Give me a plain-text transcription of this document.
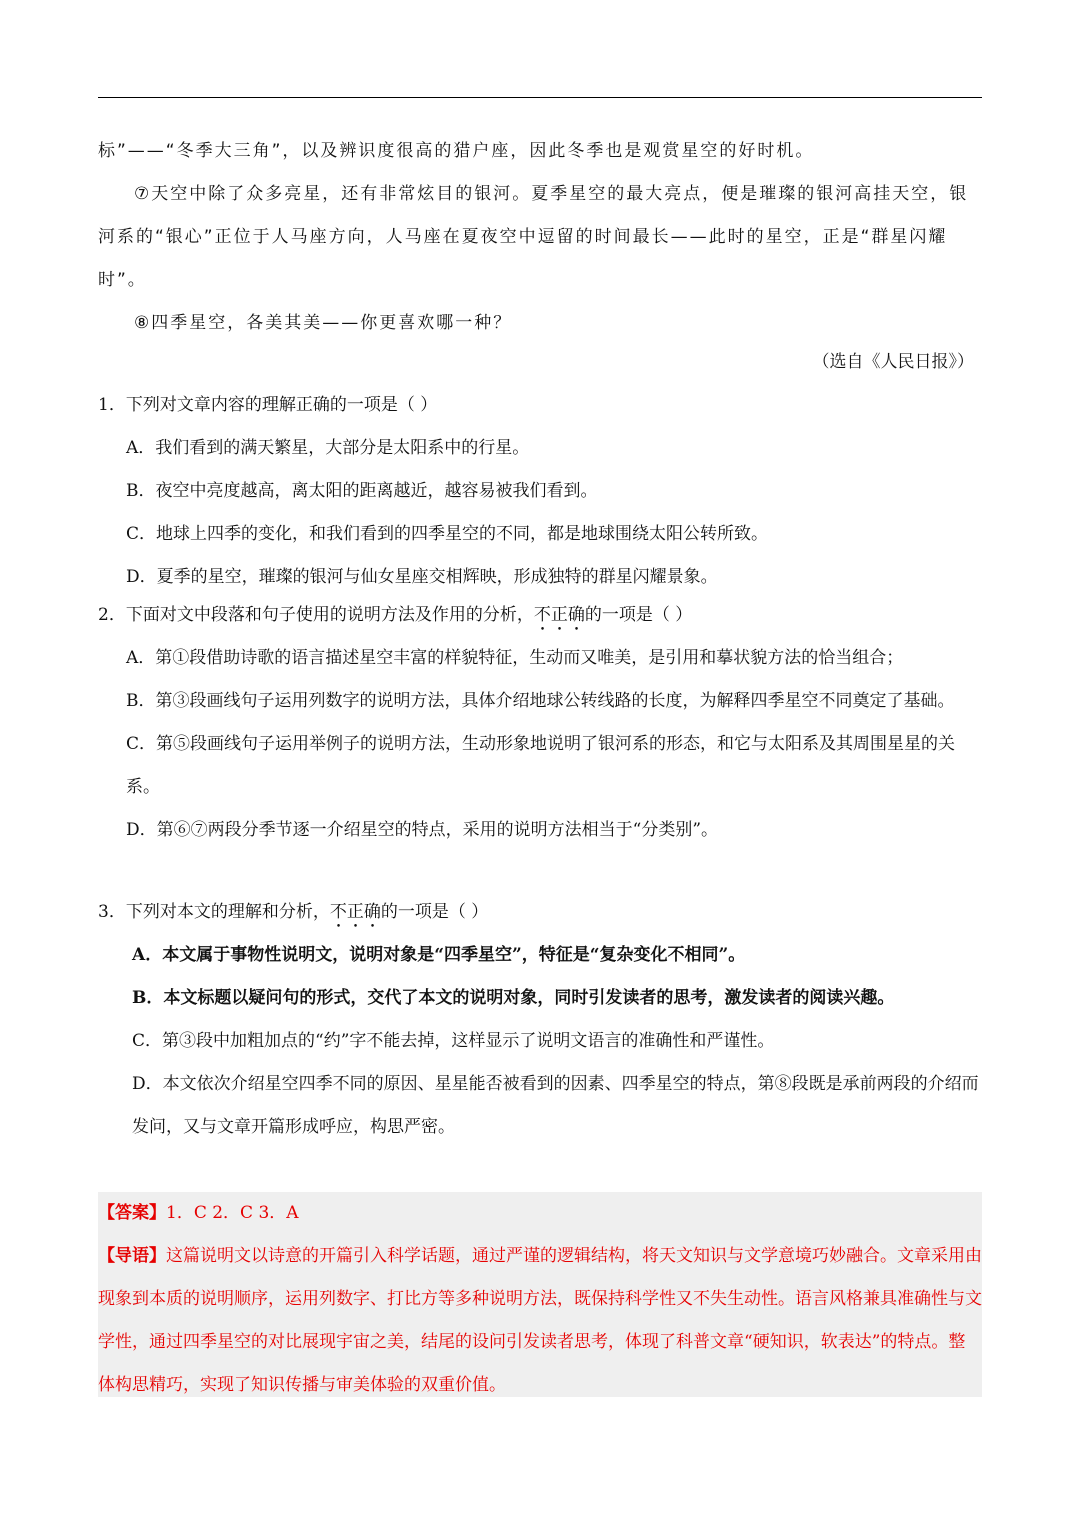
标”——“冬季大三角”，以及辨识度很高的猎户座，因此冬季也是观赏星空的好时机。

⑦天空中除了众多亮星，还有非常炫目的银河。夏季星空的最大亮点，便是璀璨的银河高挂天空，银河系的“银心”正位于人马座方向，人马座在夏夜空中逗留的时间最长——此时的星空，正是“群星闪耀时”。

⑧四季星空，各美其美——你更喜欢哪一种？

（选自《人民日报》）

1．下列对文章内容的理解正确的一项是（ ）

A．我们看到的满天繁星，大部分是太阳系中的行星。

B．夜空中亮度越高，离太阳的距离越近，越容易被我们看到。

C．地球上四季的变化，和我们看到的四季星空的不同，都是地球围绕太阳公转所致。

D．夏季的星空，璀璨的银河与仙女星座交相辉映，形成独特的群星闪耀景象。

2．下面对文中段落和句子使用的说明方法及作用的分析，不正确的一项是（ ）

A．第①段借助诗歌的语言描述星空丰富的样貌特征，生动而又唯美，是引用和摹状貌方法的恰当组合；

B．第③段画线句子运用列数字的说明方法，具体介绍地球公转线路的长度，为解释四季星空不同奠定了基础。

C．第⑤段画线句子运用举例子的说明方法，生动形象地说明了银河系的形态，和它与太阳系及其周围星星的关系。

D．第⑥⑦两段分季节逐一介绍星空的特点，采用的说明方法相当于“分类别”。

3．下列对本文的理解和分析，不正确的一项是（ ）

A．本文属于事物性说明文，说明对象是“四季星空”，特征是“复杂变化不相同”。

B．本文标题以疑问句的形式，交代了本文的说明对象，同时引发读者的思考，激发读者的阅读兴趣。

C．第③段中加粗加点的“约”字不能去掉，这样显示了说明文语言的准确性和严谨性。

D．本文依次介绍星空四季不同的原因、星星能否被看到的因素、四季星空的特点，第⑧段既是承前两段的介绍而发问，又与文章开篇形成呼应，构思严密。

【答案】1．C 2．C 3．A

【导语】这篇说明文以诗意的开篇引入科学话题，通过严谨的逻辑结构，将天文知识与文学意境巧妙融合。文章采用由现象到本质的说明顺序，运用列数字、打比方等多种说明方法，既保持科学性又不失生动性。语言风格兼具准确性与文学性，通过四季星空的对比展现宇宙之美，结尾的设问引发读者思考，体现了科普文章“硬知识，软表达”的特点。整体构思精巧，实现了知识传播与审美体验的双重价值。
